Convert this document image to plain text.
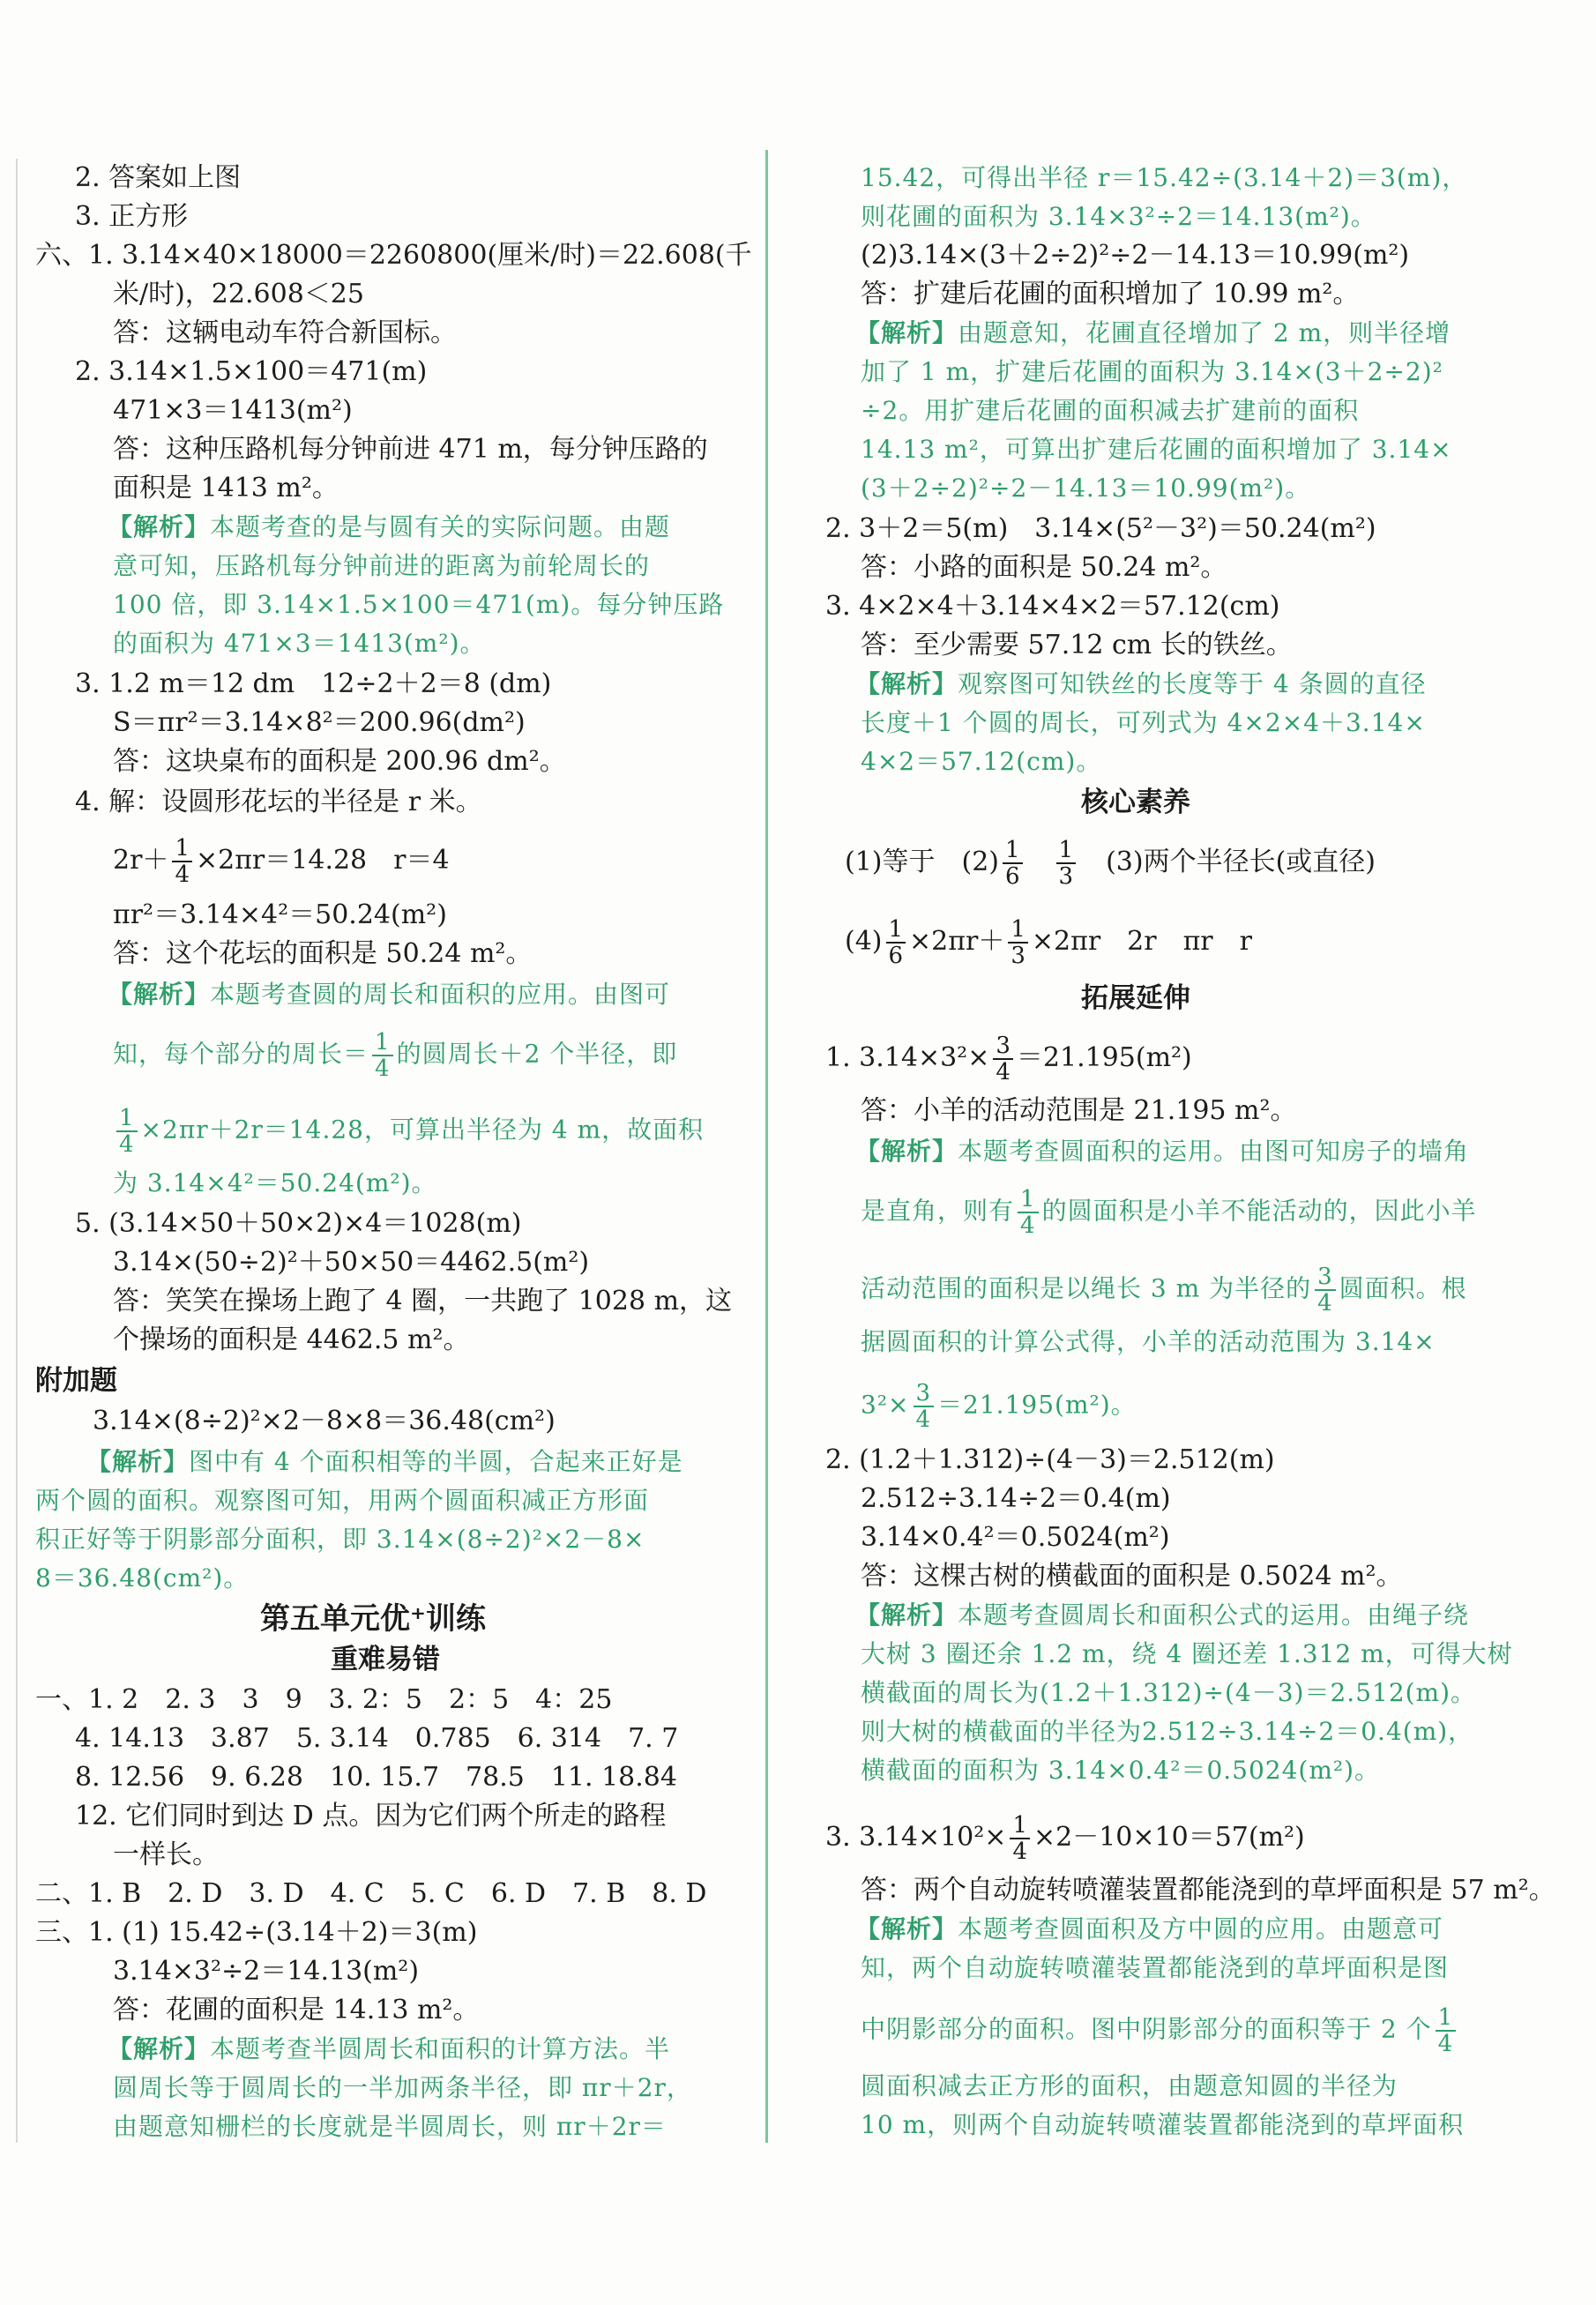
2. 答案如上图
3. 正方形
六、1. 3.14×40×18000＝2260800(厘米/时)＝22.608(千
米/时)，22.608＜25
答：这辆电动车符合新国标。
2. 3.14×1.5×100＝471(m)
471×3＝1413(m²)
答：这种压路机每分钟前进 471 m，每分钟压路的
面积是 1413 m²。
【解析】本题考查的是与圆有关的实际问题。由题
意可知，压路机每分钟前进的距离为前轮周长的
100 倍，即 3.14×1.5×100＝471(m)。每分钟压路
的面积为 471×3＝1413(m²)。
3. 1.2 m＝12 dm　12÷2＋2＝8 (dm)
S＝πr²＝3.14×8²＝200.96(dm²)
答：这块桌布的面积是 200.96 dm²。
4. 解：设圆形花坛的半径是 r 米。
$2r+ \frac{1}{4} \times 2\pi r=14.28$　r＝4
πr²＝3.14×4²＝50.24(m²)
答：这个花坛的面积是 50.24 m²。
【解析】本题考查圆的周长和面积的应用。由图可
知，每个部分的周长＝ $\frac{1}{4}$ 的圆周长＋2 个半径，即
$\frac{1}{4} \times 2\pi r+2r=14.28$，可算出半径为 4 m，故面积
为 3.14×4²＝50.24(m²)。
5. (3.14×50＋50×2)×4＝1028(m)
3.14×(50÷2)²＋50×50＝4462.5(m²)
答：笑笑在操场上跑了 4 圈，一共跑了 1028 m，这
个操场的面积是 4462.5 m²。
附加题
3.14×(8÷2)²×2－8×8＝36.48(cm²)
【解析】图中有 4 个面积相等的半圆，合起来正好是
两个圆的面积。观察图可知，用两个圆面积减正方形面
积正好等于阴影部分面积，即 3.14×(8÷2)²×2－8×
8＝36.48(cm²)。
第五单元优⁺训练
重难易错
一、1. 2　2. 3　3　9　3. 2：5　2：5　4：25
4. 14.13　3.87　5. 3.14　0.785　6. 314　7. 7
8. 12.56　9. 6.28　10. 15.7　78.5　11. 18.84
12. 它们同时到达 D 点。因为它们两个所走的路程
一样长。
二、1. B　2. D　3. D　4. C　5. C　6. D　7. B　8. D
三、1. (1) 15.42÷(3.14＋2)＝3(m)
3.14×3²÷2＝14.13(m²)
答：花圃的面积是 14.13 m²。
【解析】本题考查半圆周长和面积的计算方法。半
圆周长等于圆周长的一半加两条半径，即 πr＋2r，
由题意知栅栏的长度就是半圆周长，则 πr＋2r＝
15.42，可得出半径 r＝15.42÷(3.14＋2)＝3(m)，
则花圃的面积为 3.14×3²÷2＝14.13(m²)。
(2)3.14×(3＋2÷2)²÷2－14.13＝10.99(m²)
答：扩建后花圃的面积增加了 10.99 m²。
【解析】由题意知，花圃直径增加了 2 m，则半径增
加了 1 m，扩建后花圃的面积为 3.14×(3＋2÷2)²
÷2。用扩建后花圃的面积减去扩建前的面积
14.13 m²，可算出扩建后花圃的面积增加了 3.14×
(3＋2÷2)²÷2－14.13＝10.99(m²)。
2. 3＋2＝5(m)　3.14×(5²－3²)＝50.24(m²)
答：小路的面积是 50.24 m²。
3. 4×2×4＋3.14×4×2＝57.12(cm)
答：至少需要 57.12 cm 长的铁丝。
【解析】观察图可知铁丝的长度等于 4 条圆的直径
长度＋1 个圆的周长，可列式为 4×2×4＋3.14×
4×2＝57.12(cm)。
核心素养
(1)等于　$(2) \frac{1}{6}$
　 $\frac{1}{3}$
　 (3)两个半径长(或直径)
$(4) \frac{1}{6} \times 2\pi r+ \frac{1}{3} \times 2\pi r$　2r　πr　r
拓展延伸
1. $3.14\times 3^2\times \frac{3}{4} =21.195(m^2)$
答：小羊的活动范围是 21.195 m²。
【解析】本题考查圆面积的运用。由图可知房子的墙角
是直角，则有 $\frac{1}{4}$ 的圆面积是小羊不能活动的，因此小羊
活动范围的面积是以绳长 3 m 为半径的 $\frac{3}{4}$ 圆面积。根
据圆面积的计算公式得，小羊的活动范围为 3.14×
$3^2\times \frac{3}{4} =21.195(m^2)$。
2. (1.2＋1.312)÷(4－3)＝2.512(m)
2.512÷3.14÷2＝0.4(m)
3.14×0.4²＝0.5024(m²)
答：这棵古树的横截面的面积是 0.5024 m²。
【解析】本题考查圆周长和面积公式的运用。由绳子绕
大树 3 圈还余 1.2 m，绕 4 圈还差 1.312 m，可得大树
横截面的周长为(1.2＋1.312)÷(4－3)＝2.512(m)。
则大树的横截面的半径为2.512÷3.14÷2＝0.4(m)，
横截面的面积为 3.14×0.4²＝0.5024(m²)。
3. $3.14\times 10^2\times \frac{1}{4} \times 2-10\times 10=57(m^2)$
答：两个自动旋转喷灌装置都能浇到的草坪面积是 57 m²。
【解析】本题考查圆面积及方中圆的应用。由题意可
知，两个自动旋转喷灌装置都能浇到的草坪面积是图
中阴影部分的面积。图中阴影部分的面积等于 2 个 $\frac{1}{4}$
圆面积减去正方形的面积，由题意知圆的半径为
10 m，则两个自动旋转喷灌装置都能浇到的草坪面积
